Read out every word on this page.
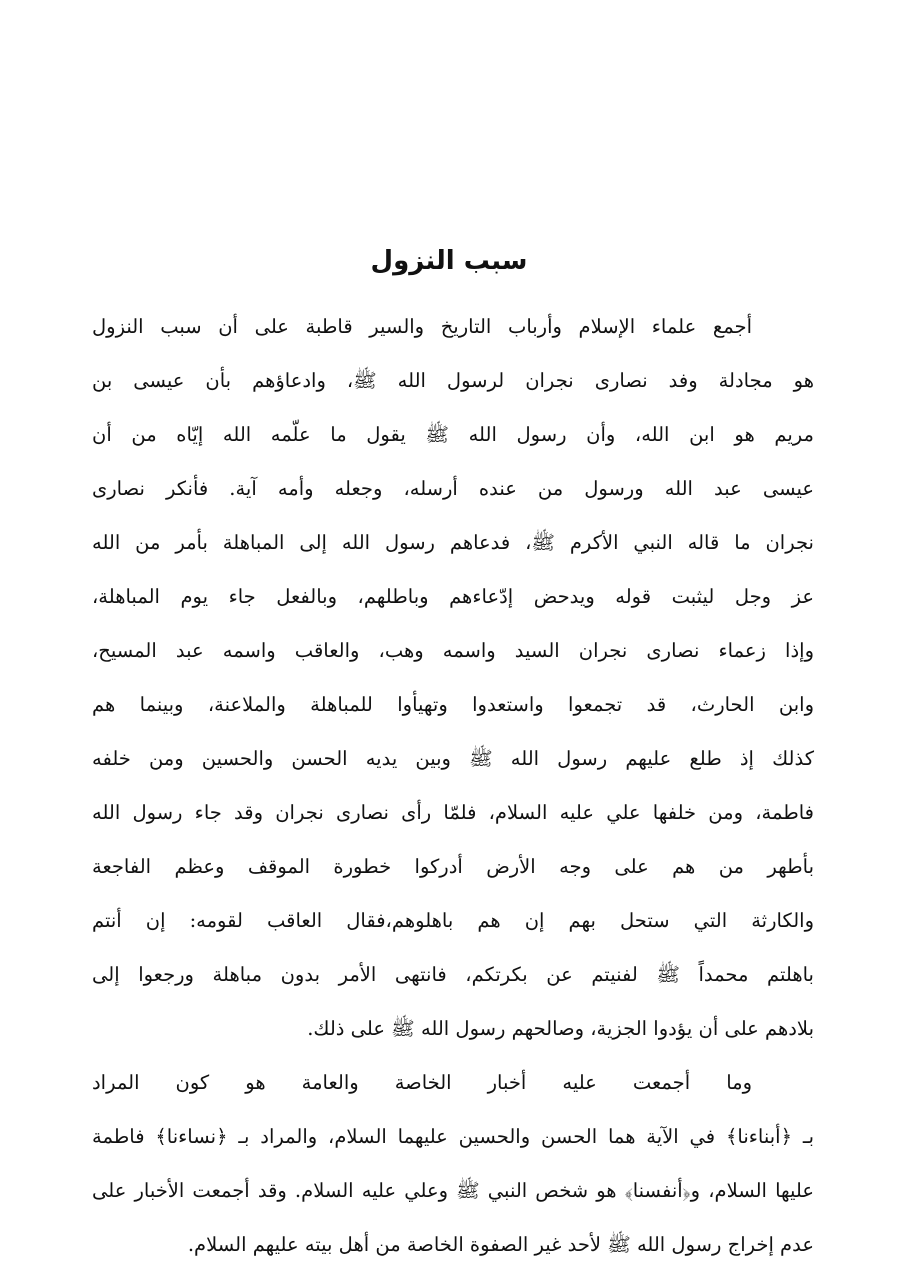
سبب النزول
أجمع علماء الإسلام وأرباب التاريخ والسير قاطبة على أن سبب النزول
هو مجادلة وفد نصارى نجران لرسول الله ﷺ، وادعاؤهم بأن عيسى بن
مريم هو ابن الله، وأن رسول الله ﷺ يقول ما علّمه الله إيّاه من أن
عيسى عبد الله ورسول من عنده أرسله، وجعله وأمه آية. فأنكر نصارى
نجران ما قاله النبي الأكرم ﷺ، فدعاهم رسول الله إلى المباهلة بأمر من الله
عز وجل ليثبت قوله ويدحض إدّعاءهم وباطلهم، وبالفعل جاء يوم المباهلة،
وإذا زعماء نصارى نجران السيد واسمه وهب، والعاقب واسمه عبد المسيح،
وابن الحارث، قد تجمعوا واستعدوا وتهيأوا للمباهلة والملاعنة، وبينما هم
كذلك إذ طلع عليهم رسول الله ﷺ وبين يديه الحسن والحسين ومن خلفه
فاطمة، ومن خلفها علي عليه السلام، فلمّا رأى نصارى نجران وقد جاء رسول الله
بأطهر من هم على وجه الأرض أدركوا خطورة الموقف وعظم الفاجعة
والكارثة التي ستحل بهم إن هم باهلوهم،فقال العاقب لقومه: إن أنتم
باهلتم محمداً ﷺ لفنيتم عن بكرتكم، فانتهى الأمر بدون مباهلة ورجعوا إلى
بلادهم على أن يؤدوا الجزية، وصالحهم رسول الله ﷺ على ذلك.
وما أجمعت عليه أخبار الخاصة والعامة هو كون المراد
بـ ﴿أبناءنا﴾ في الآية هما الحسن والحسين عليهما السلام، والمراد بـ ﴿نساءنا﴾ فاطمة
عليها السلام، و﴿أنفسنا﴾ هو شخص النبي ﷺ وعلي عليه السلام. وقد أجمعت الأخبار على
عدم إخراج رسول الله ﷺ لأحد غير الصفوة الخاصة من أهل بيته عليهم السلام.
